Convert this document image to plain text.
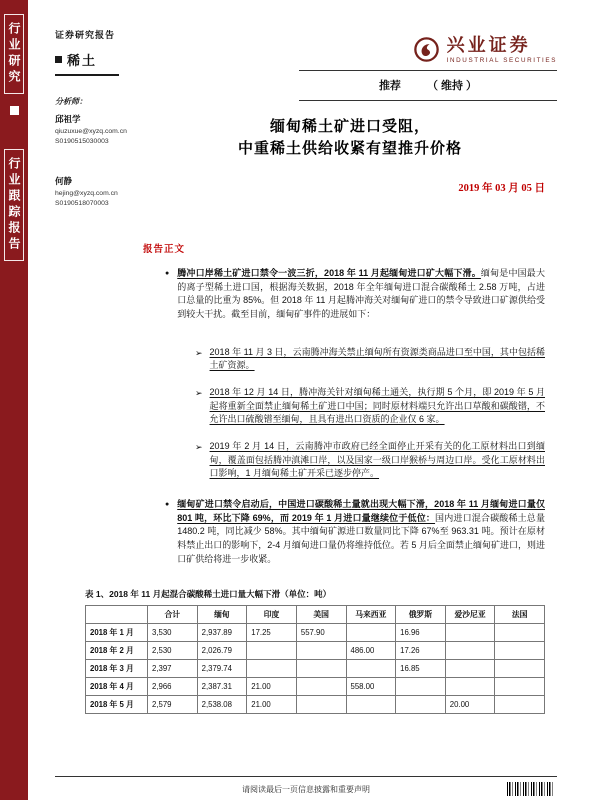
行业研究
行业跟踪报告
证券研究报告
稀土
分析师：
邱祖学
qiuzuxue@xyzq.com.cn
S0190515030003
何静
hejing@xyzq.com.cn
S0190518070003
兴业证券
INDUSTRIAL SECURITIES
推荐 （ 维持 ）
缅甸稀土矿进口受阻，
中重稀土供给收紧有望推升价格
2019 年 03 月 05 日
报告正文
● 腾冲口岸稀土矿进口禁令一波三折，2018 年 11 月起缅甸进口矿大幅下滑。缅甸是中国最大的离子型稀土进口国，根据海关数据，2018 年全年缅甸进口混合碳酸稀土 2.58 万吨，占进口总量的比重为 85%。但 2018 年 11 月起腾冲海关对缅甸矿进口的禁令导致进口矿源供给受到较大干扰。截至目前，缅甸矿事件的进展如下：

➢ 2018 年 11 月 3 日，云南腾冲海关禁止缅甸所有资源类商品进口至中国，其中包括稀土矿资源。

➢ 2018 年 12 月 14 日，腾冲海关针对缅甸稀土通关，执行期 5 个月，即 2019 年 5 月起将重新全面禁止缅甸稀土矿进口中国；同时原材料端只允许出口草酸和碳酸镨，不允许出口硫酸镨至缅甸，且具有进出口资质的企业仅 6 家。

➢ 2019 年 2 月 14 日，云南腾冲市政府已经全面停止开采有关的化工原材料出口到缅甸，覆盖面包括腾冲滇滩口岸，以及国家一级口岸猴桥与周边口岸。受化工原材料出口影响，1 月缅甸稀土矿开采已逐步停产。

● 缅甸矿进口禁令启动后，中国进口碳酸稀土量就出现大幅下滑，2018 年 11 月缅甸进口量仅 801 吨，环比下降 69%，而 2019 年 1 月进口量继续位于低位：国内进口混合碳酸稀土总量 1480.2 吨，同比减少 58%。其中缅甸矿源进口数量同比下降 67%至 963.31 吨。预计在原材料禁止出口的影响下，2-4 月缅甸进口量仍将维持低位。若 5 月后全面禁止缅甸矿进口，则进口矿供给将进一步收紧。

表 1、2018 年 11 月起混合碳酸稀土进口量大幅下滑（单位：吨）
	合计	缅甸	印度	美国	马来西亚	俄罗斯	爱沙尼亚	法国
2018 年 1 月	3,530	2,937.89	17.25	557.90		16.96		
2018 年 2 月	2,530	2,026.79			486.00	17.26		
2018 年 3 月	2,397	2,379.74				16.85		
2018 年 4 月	2,966	2,387.31	21.00		558.00			
2018 年 5 月	2,579	2,538.08	21.00				20.00	
请阅读最后一页信息披露和重要声明
